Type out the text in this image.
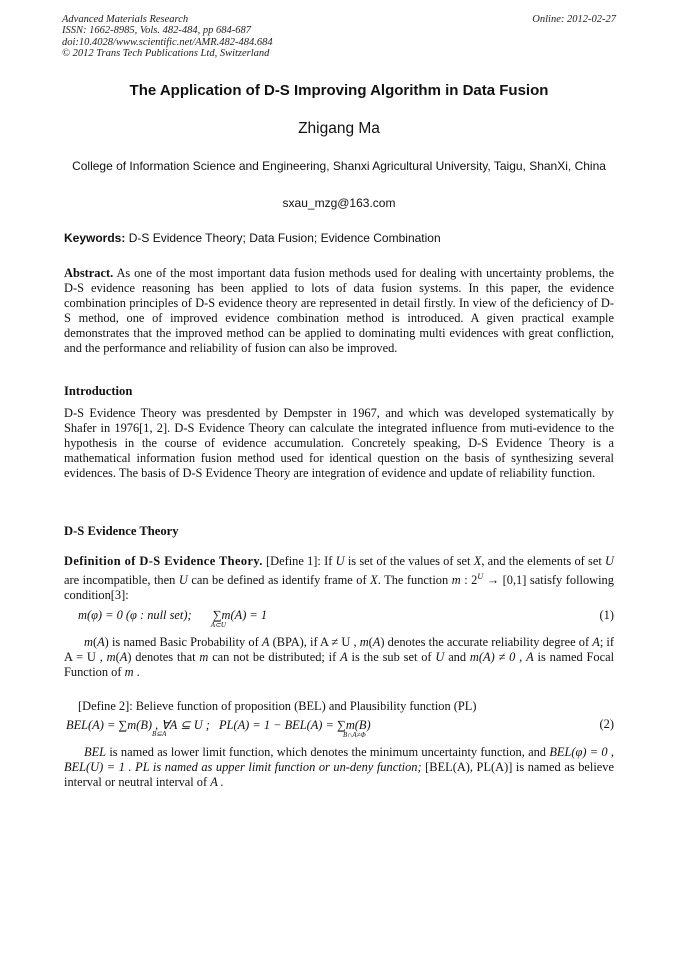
Advanced Materials Research
ISSN: 1662-8985, Vols. 482-484, pp 684-687
doi:10.4028/www.scientific.net/AMR.482-484.684
© 2012 Trans Tech Publications Ltd, Switzerland
Online: 2012-02-27
The Application of D-S Improving Algorithm in Data Fusion
Zhigang Ma
College of Information Science and Engineering, Shanxi Agricultural University, Taigu, ShanXi, China
sxau_mzg@163.com
Keywords: D-S Evidence Theory; Data Fusion; Evidence Combination
Abstract. As one of the most important data fusion methods used for dealing with uncertainty problems, the D-S evidence reasoning has been applied to lots of data fusion systems. In this paper, the evidence combination principles of D-S evidence theory are represented in detail firstly. In view of the deficiency of D-S method, one of improved evidence combination method is introduced. A given practical example demonstrates that the improved method can be applied to dominating multi evidences with great confliction, and the performance and reliability of fusion can also be improved.
Introduction
D-S Evidence Theory was presdented by Dempster in 1967, and which was developed systematically by Shafer in 1976[1, 2]. D-S Evidence Theory can calculate the integrated influence from muti-evidence to the hypothesis in the course of evidence accumulation. Concretely speaking, D-S Evidence Theory is a mathematical information fusion method used for identical question on the basis of synthesizing several evidences. The basis of D-S Evidence Theory are integration of evidence and update of reliability function.
D-S Evidence Theory
Definition of D-S Evidence Theory. [Define 1]: If U is set of the values of set X, and the elements of set U are incompatible, then U can be defined as identify frame of X. The function m : $2^U \to [0,1]$ satisfy following condition[3]:
m(φ) = 0 (φ : null set); ∑m(A) = 1
A⊂U
(1)
m(A) is named Basic Probability of A (BPA), if A ≠ U , m(A) denotes the accurate reliability degree of A; if A = U , m(A) denotes that m can not be distributed; if A is the sub set of U and m(A) ≠ 0 , A is named Focal Function of m .
[Define 2]: Believe function of proposition (BEL) and Plausibility function (PL)
BEL(A) = ∑m(B) , ∀A ⊆ U ;
B⊆A
PL(A) = 1 − BEL(A) = ∑m(B)
B∩A≠Φ
(2)
BEL is named as lower limit function, which denotes the minimum uncertainty function, and BEL(φ) = 0 , BEL(U) = 1 . PL is named as upper limit function or un-deny function; [BEL(A), PL(A)] is named as believe interval or neutral interval of A .
